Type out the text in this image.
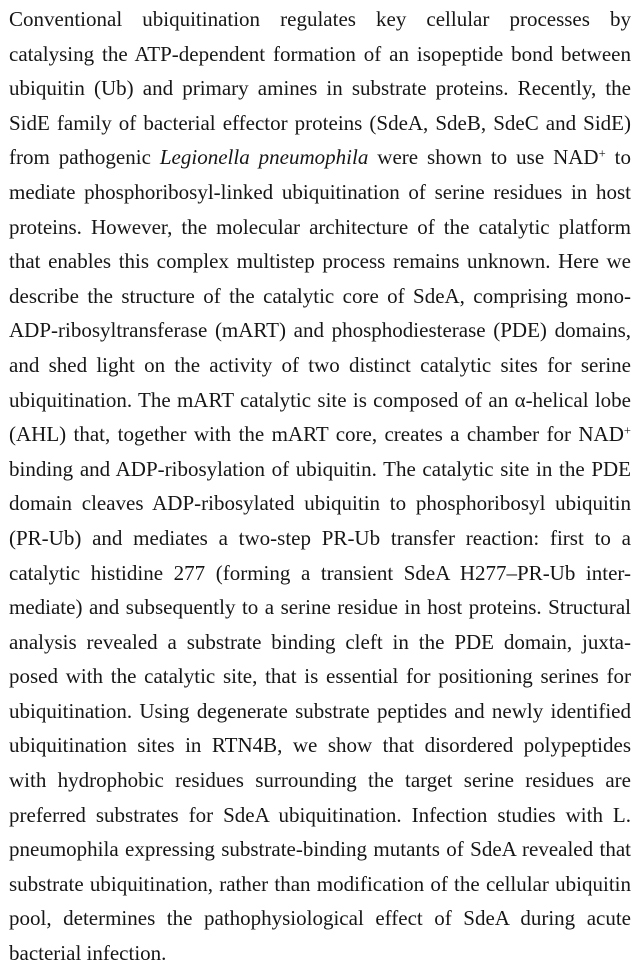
Conventional ubiquitination regulates key cellular processes by
catalysing the ATP-dependent formation of an isopeptide bond between
ubiquitin (Ub) and primary amines in substrate proteins. Recently, the
SidE family of bacterial effector proteins (SdeA, SdeB, SdeC and SidE)
from pathogenic Legionella pneumophila were shown to use NAD+ to
mediate phosphoribosyl-linked ubiquitination of serine residues in host
proteins. However, the molecular architecture of the catalytic platform
that enables this complex multistep process remains unknown. Here we
describe the structure of the catalytic core of SdeA, comprising mono-
ADP-ribosyltransferase (mART) and phosphodiesterase (PDE) domains,
and shed light on the activity of two distinct catalytic sites for serine
ubiquitination. The mART catalytic site is composed of an α-helical lobe
(AHL) that, together with the mART core, creates a chamber for NAD+
binding and ADP-ribosylation of ubiquitin. The catalytic site in the PDE
domain cleaves ADP-ribosylated ubiquitin to phosphoribosyl ubiquitin
(PR-Ub) and mediates a two-step PR-Ub transfer reaction: first to a
catalytic histidine 277 (forming a transient SdeA H277–PR-Ub inter-
mediate) and subsequently to a serine residue in host proteins. Structural
analysis revealed a substrate binding cleft in the PDE domain, juxta-
posed with the catalytic site, that is essential for positioning serines for
ubiquitination. Using degenerate substrate peptides and newly identified
ubiquitination sites in RTN4B, we show that disordered polypeptides
with hydrophobic residues surrounding the target serine residues are
preferred substrates for SdeA ubiquitination. Infection studies with L.
pneumophila expressing substrate-binding mutants of SdeA revealed that
substrate ubiquitination, rather than modification of the cellular ubiquitin
pool, determines the pathophysiological effect of SdeA during acute
bacterial infection.
